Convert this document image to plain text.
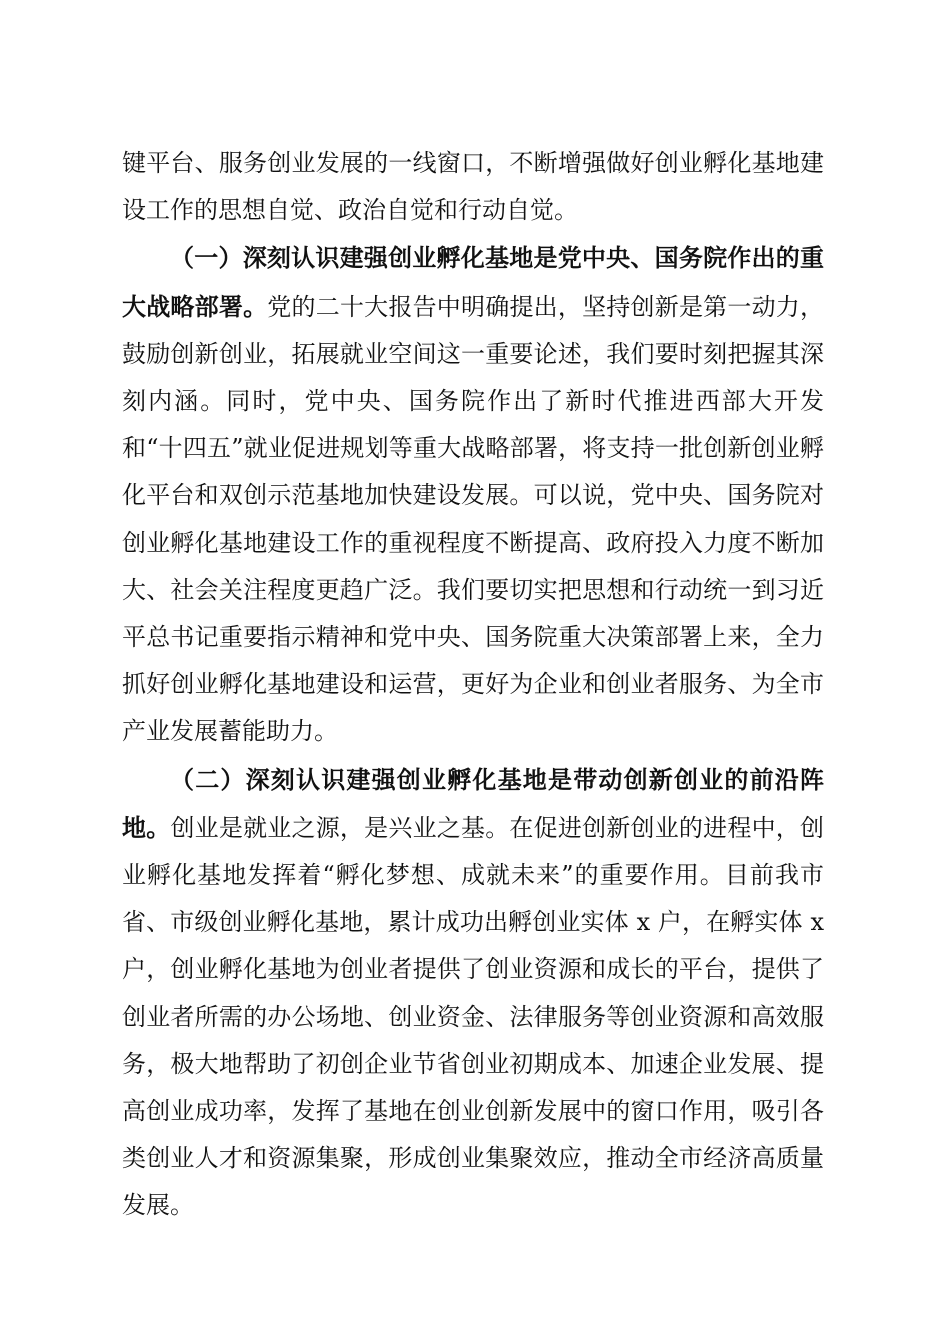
键平台、服务创业发展的一线窗口，不断增强做好创业孵化基地建设工作的思想自觉、政治自觉和行动自觉。

（一）深刻认识建强创业孵化基地是党中央、国务院作出的重大战略部署。党的二十大报告中明确提出，坚持创新是第一动力，鼓励创新创业，拓展就业空间这一重要论述，我们要时刻把握其深刻内涵。同时，党中央、国务院作出了新时代推进西部大开发和“十四五”就业促进规划等重大战略部署，将支持一批创新创业孵化平台和双创示范基地加快建设发展。可以说，党中央、国务院对创业孵化基地建设工作的重视程度不断提高、政府投入力度不断加大、社会关注程度更趋广泛。我们要切实把思想和行动统一到习近平总书记重要指示精神和党中央、国务院重大决策部署上来，全力抓好创业孵化基地建设和运营，更好为企业和创业者服务、为全市产业发展蓄能助力。

（二）深刻认识建强创业孵化基地是带动创新创业的前沿阵地。创业是就业之源，是兴业之基。在促进创新创业的进程中，创业孵化基地发挥着“孵化梦想、成就未来”的重要作用。目前我市省、市级创业孵化基地，累计成功出孵创业实体 x 户，在孵实体 x 户，创业孵化基地为创业者提供了创业资源和成长的平台，提供了创业者所需的办公场地、创业资金、法律服务等创业资源和高效服务，极大地帮助了初创企业节省创业初期成本、加速企业发展、提高创业成功率，发挥了基地在创业创新发展中的窗口作用，吸引各类创业人才和资源集聚，形成创业集聚效应，推动全市经济高质量发展。
